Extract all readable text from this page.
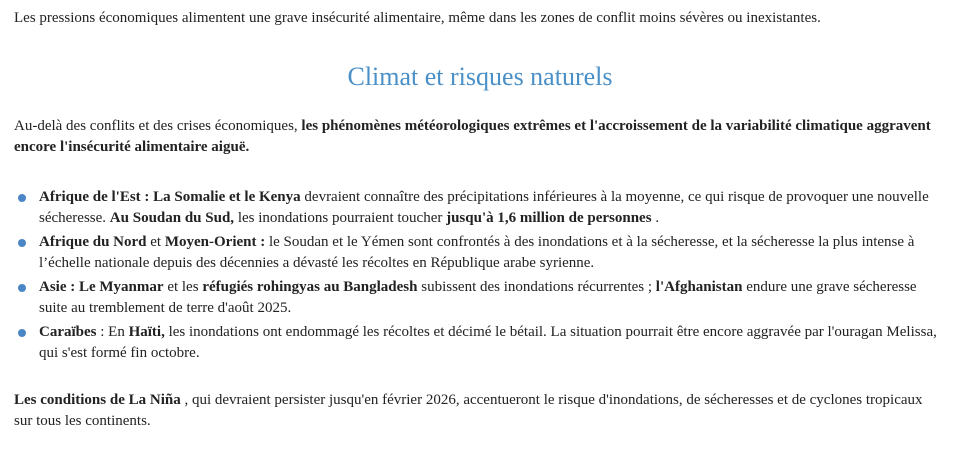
Les pressions économiques alimentent une grave insécurité alimentaire, même dans les zones de conflit moins sévères ou inexistantes.

Climat et risques naturels

Au-delà des conflits et des crises économiques, les phénomènes météorologiques extrêmes et l'accroissement de la variabilité climatique aggravent encore l'insécurité alimentaire aiguë.

Afrique de l'Est : La Somalie et le Kenya devraient connaître des précipitations inférieures à la moyenne, ce qui risque de provoquer une nouvelle sécheresse. Au Soudan du Sud, les inondations pourraient toucher jusqu'à 1,6 million de personnes .
Afrique du Nord et Moyen-Orient : le Soudan et le Yémen sont confrontés à des inondations et à la sécheresse, et la sécheresse la plus intense à l’échelle nationale depuis des décennies a dévasté les récoltes en République arabe syrienne.
Asie : Le Myanmar et les réfugiés rohingyas au Bangladesh subissent des inondations récurrentes ; l'Afghanistan endure une grave sécheresse suite au tremblement de terre d'août 2025.
Caraïbes : En Haïti, les inondations ont endommagé les récoltes et décimé le bétail. La situation pourrait être encore aggravée par l'ouragan Melissa, qui s'est formé fin octobre.

Les conditions de La Niña , qui devraient persister jusqu'en février 2026, accentueront le risque d'inondations, de sécheresses et de cyclones tropicaux sur tous les continents.
